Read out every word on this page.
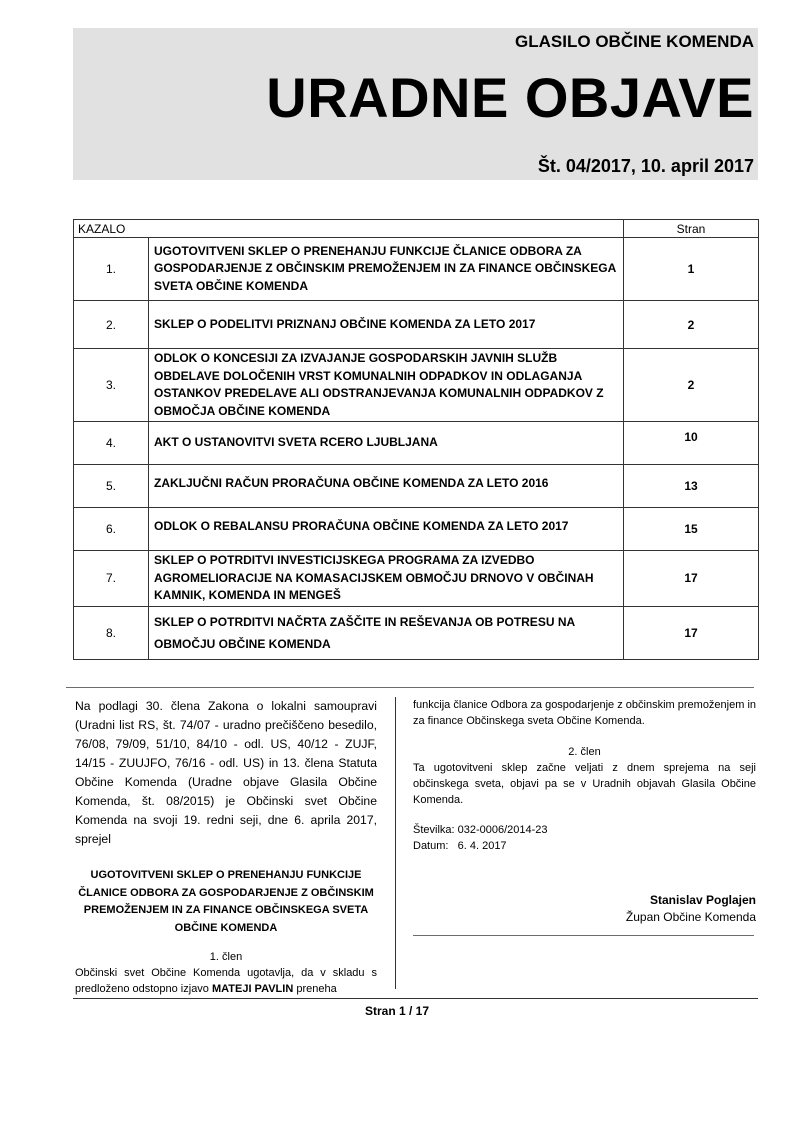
GLASILO OBČINE KOMENDA
URADNE OBJAVE
Št. 04/2017, 10. april 2017
KAZALO		Stran
1.	UGOTOVITVENI SKLEP O PRENEHANJU FUNKCIJE ČLANICE ODBORA ZA GOSPODARJENJE Z OBČINSKIM PREMOŽENJEM IN ZA FINANCE OBČINSKEGA SVETA OBČINE KOMENDA	1
2.	SKLEP O PODELITVI PRIZNANJ OBČINE KOMENDA ZA LETO 2017	2
3.	ODLOK O KONCESIJI ZA IZVAJANJE GOSPODARSKIH JAVNIH SLUŽB OBDELAVE DOLOČENIH VRST KOMUNALNIH ODPADKOV IN ODLAGANJA OSTANKOV PREDELAVE ALI ODSTRANJEVANJA KOMUNALNIH ODPADKOV Z OBMOČJA OBČINE KOMENDA	2
4.	AKT O USTANOVITVI SVETA RCERO LJUBLJANA	10
5.	ZAKLJUČNI RAČUN PRORAČUNA OBČINE KOMENDA ZA LETO 2016	13
6.	ODLOK O REBALANSU PRORAČUNA OBČINE KOMENDA ZA LETO 2017	15
7.	SKLEP O POTRDITVI INVESTICIJSKEGA PROGRAMA ZA IZVEDBO AGROMELIORACIJE NA KOMASACIJSKEM OBMOČJU DRNOVO V OBČINAH KAMNIK, KOMENDA IN MENGEŠ	17
8.	SKLEP O POTRDITVI NAČRTA ZAŠČITE IN REŠEVANJA OB POTRESU NA OBMOČJU OBČINE KOMENDA	17
Na podlagi 30. člena Zakona o lokalni samoupravi (Uradni list RS, št. 74/07 - uradno prečiščeno besedilo, 76/08, 79/09, 51/10, 84/10 - odl. US, 40/12 - ZUJF, 14/15 - ZUUJFO, 76/16 - odl. US) in 13. člena Statuta Občine Komenda (Uradne objave Glasila Občine Komenda, št. 08/2015) je Občinski svet Občine Komenda na svoji 19. redni seji, dne 6. aprila 2017, sprejel
UGOTOVITVENI SKLEP O PRENEHANJU FUNKCIJE ČLANICE ODBORA ZA GOSPODARJENJE Z OBČINSKIM PREMOŽENJEM IN ZA FINANCE OBČINSKEGA SVETA OBČINE KOMENDA
1. člen
Občinski svet Občine Komenda ugotavlja, da v skladu s predloženo odstopno izjavo MATEJI PAVLIN preneha
funkcija članice Odbora za gospodarjenje z občinskim premoženjem in za finance Občinskega sveta Občine Komenda.
2. člen
Ta ugotovitveni sklep začne veljati z dnem sprejema na seji občinskega sveta, objavi pa se v Uradnih objavah Glasila Občine Komenda.
Številka: 032-0006/2014-23
Datum:   6. 4. 2017
Stanislav Poglajen
Župan Občine Komenda
Stran 1 / 17
